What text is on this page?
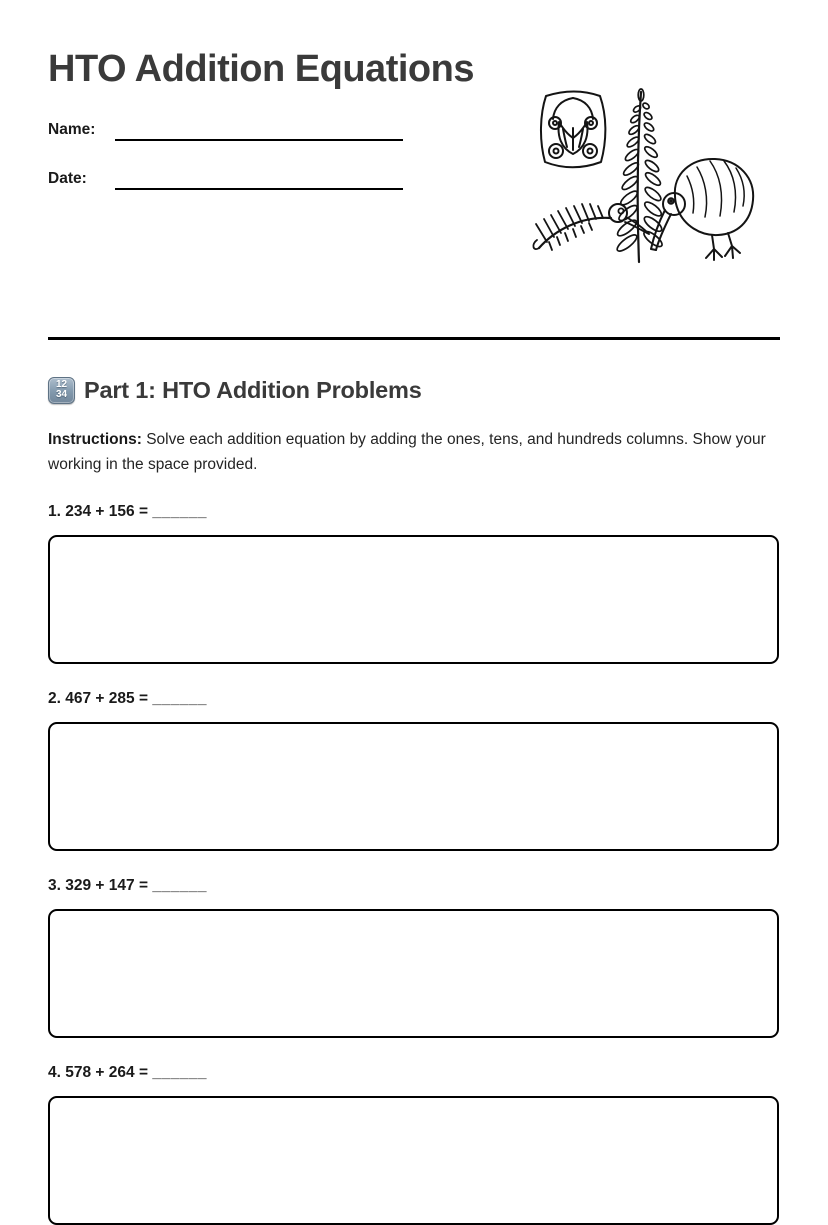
HTO Addition Equations
Name:
Date:
12
34 Part 1: HTO Addition Problems

Instructions: Solve each addition equation by adding the ones, tens, and hundreds columns. Show your working in the space provided.

1. 234 + 156 = ______

2. 467 + 285 = ______

3. 329 + 147 = ______

4. 578 + 264 = ______
